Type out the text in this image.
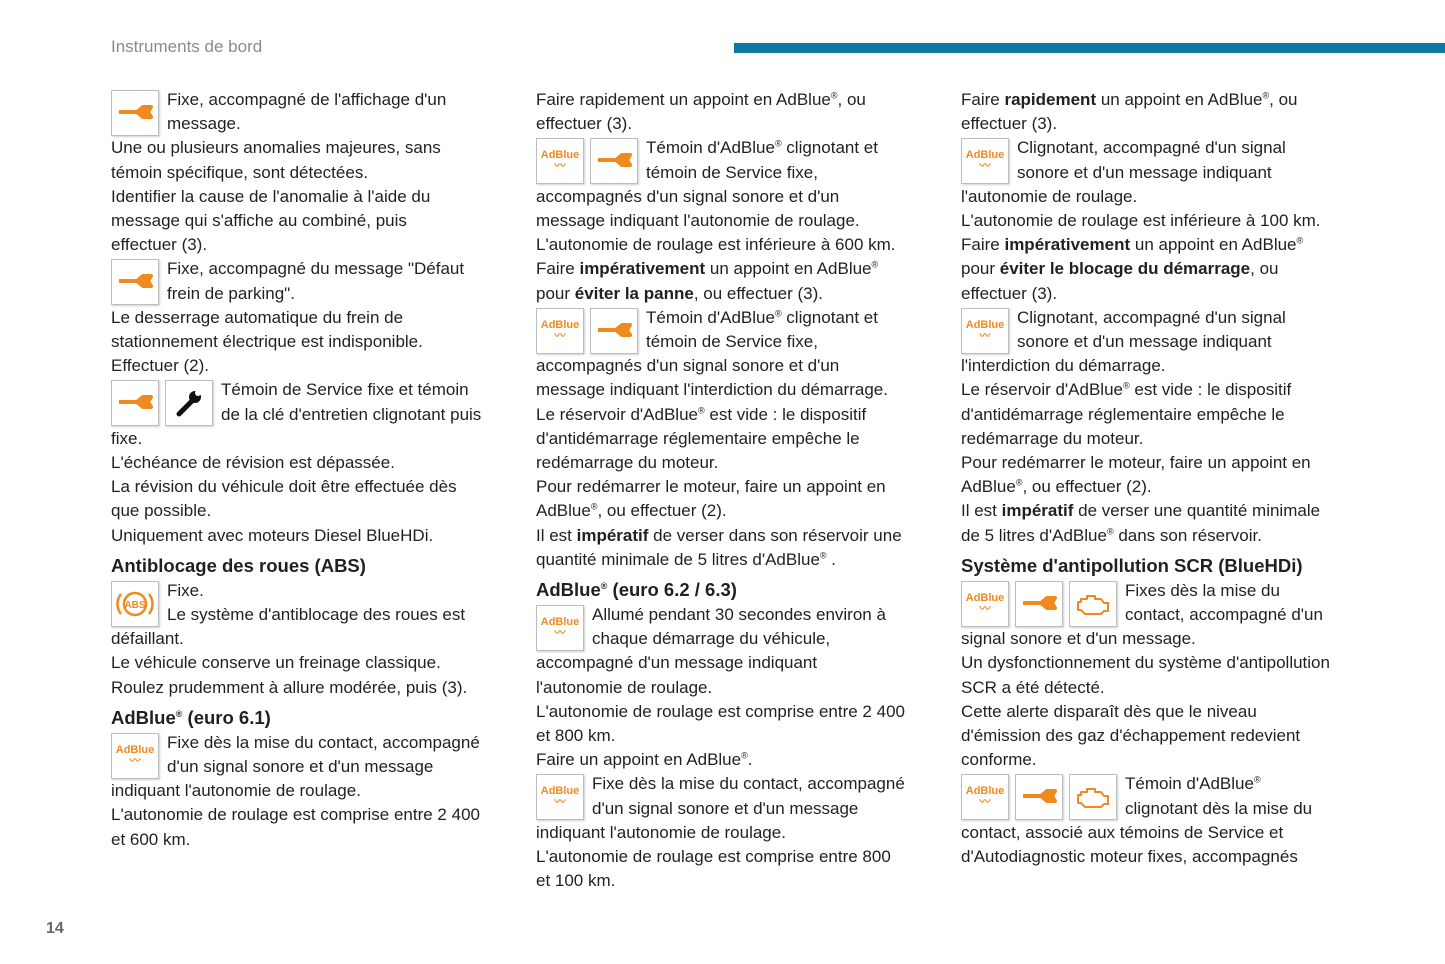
Instruments de bord

Fixe, accompagné de l'affichage d'un

message.

Une ou plusieurs anomalies majeures, sans

témoin spécifique, sont détectées.

Identifier la cause de l'anomalie à l'aide du

message qui s'affiche au combiné, puis

effectuer (3).

Fixe, accompagné du message "Défaut

frein de parking".

Le desserrage automatique du frein de

stationnement électrique est indisponible.

Effectuer (2).

Témoin de Service fixe et témoin

de la clé d'entretien clignotant puis

fixe.

L'échéance de révision est dépassée.

La révision du véhicule doit être effectuée dès

que possible.

Uniquement avec moteurs Diesel BlueHDi.

Antiblocage des roues (ABS)

ABS

Fixe.

Le système d'antiblocage des roues est

défaillant.

Le véhicule conserve un freinage classique.

Roulez prudemment à allure modérée, puis (3).

AdBlue® (euro 6.1)

AdBlue
〰

Fixe dès la mise du contact, accompagné

d'un signal sonore et d'un message

indiquant l'autonomie de roulage.

L'autonomie de roulage est comprise entre 2 400

et 600 km.

Faire rapidement un appoint en AdBlue®, ou

effectuer (3).

AdBlue
〰

Témoin d'AdBlue® clignotant et

témoin de Service fixe,

accompagnés d'un signal sonore et d'un

message indiquant l'autonomie de roulage.

L'autonomie de roulage est inférieure à 600 km.

Faire impérativement un appoint en AdBlue®

pour éviter la panne, ou effectuer (3).

AdBlue
〰

Témoin d'AdBlue® clignotant et

témoin de Service fixe,

accompagnés d'un signal sonore et d'un

message indiquant l'interdiction du démarrage.

Le réservoir d'AdBlue® est vide : le dispositif

d'antidémarrage réglementaire empêche le

redémarrage du moteur.

Pour redémarrer le moteur, faire un appoint en

AdBlue®, ou effectuer (2).

Il est impératif de verser dans son réservoir une

quantité minimale de 5 litres d'AdBlue® .

AdBlue® (euro 6.2 / 6.3)

AdBlue
〰

Allumé pendant 30 secondes environ à

chaque démarrage du véhicule,

accompagné d'un message indiquant

l'autonomie de roulage.

L'autonomie de roulage est comprise entre 2 400

et 800 km.

Faire un appoint en AdBlue®.

AdBlue
〰

Fixe dès la mise du contact, accompagné

d'un signal sonore et d'un message

indiquant l'autonomie de roulage.

L'autonomie de roulage est comprise entre 800

et 100 km.

Faire rapidement un appoint en AdBlue®, ou

effectuer (3).

AdBlue
〰

Clignotant, accompagné d'un signal

sonore et d'un message indiquant

l'autonomie de roulage.

L'autonomie de roulage est inférieure à 100 km.

Faire impérativement un appoint en AdBlue®

pour éviter le blocage du démarrage, ou

effectuer (3).

AdBlue
〰

Clignotant, accompagné d'un signal

sonore et d'un message indiquant

l'interdiction du démarrage.

Le réservoir d'AdBlue® est vide : le dispositif

d'antidémarrage réglementaire empêche le

redémarrage du moteur.

Pour redémarrer le moteur, faire un appoint en

AdBlue®, ou effectuer (2).

Il est impératif de verser une quantité minimale

de 5 litres d'AdBlue® dans son réservoir.

Système d'antipollution SCR (BlueHDi)

AdBlue
〰

Fixes dès la mise du

contact, accompagné d'un

signal sonore et d'un message.

Un dysfonctionnement du système d'antipollution

SCR a été détecté.

Cette alerte disparaît dès que le niveau

d'émission des gaz d'échappement redevient

conforme.

AdBlue
〰

Témoin d'AdBlue®

clignotant dès la mise du

contact, associé aux témoins de Service et

d'Autodiagnostic moteur fixes, accompagnés

14
